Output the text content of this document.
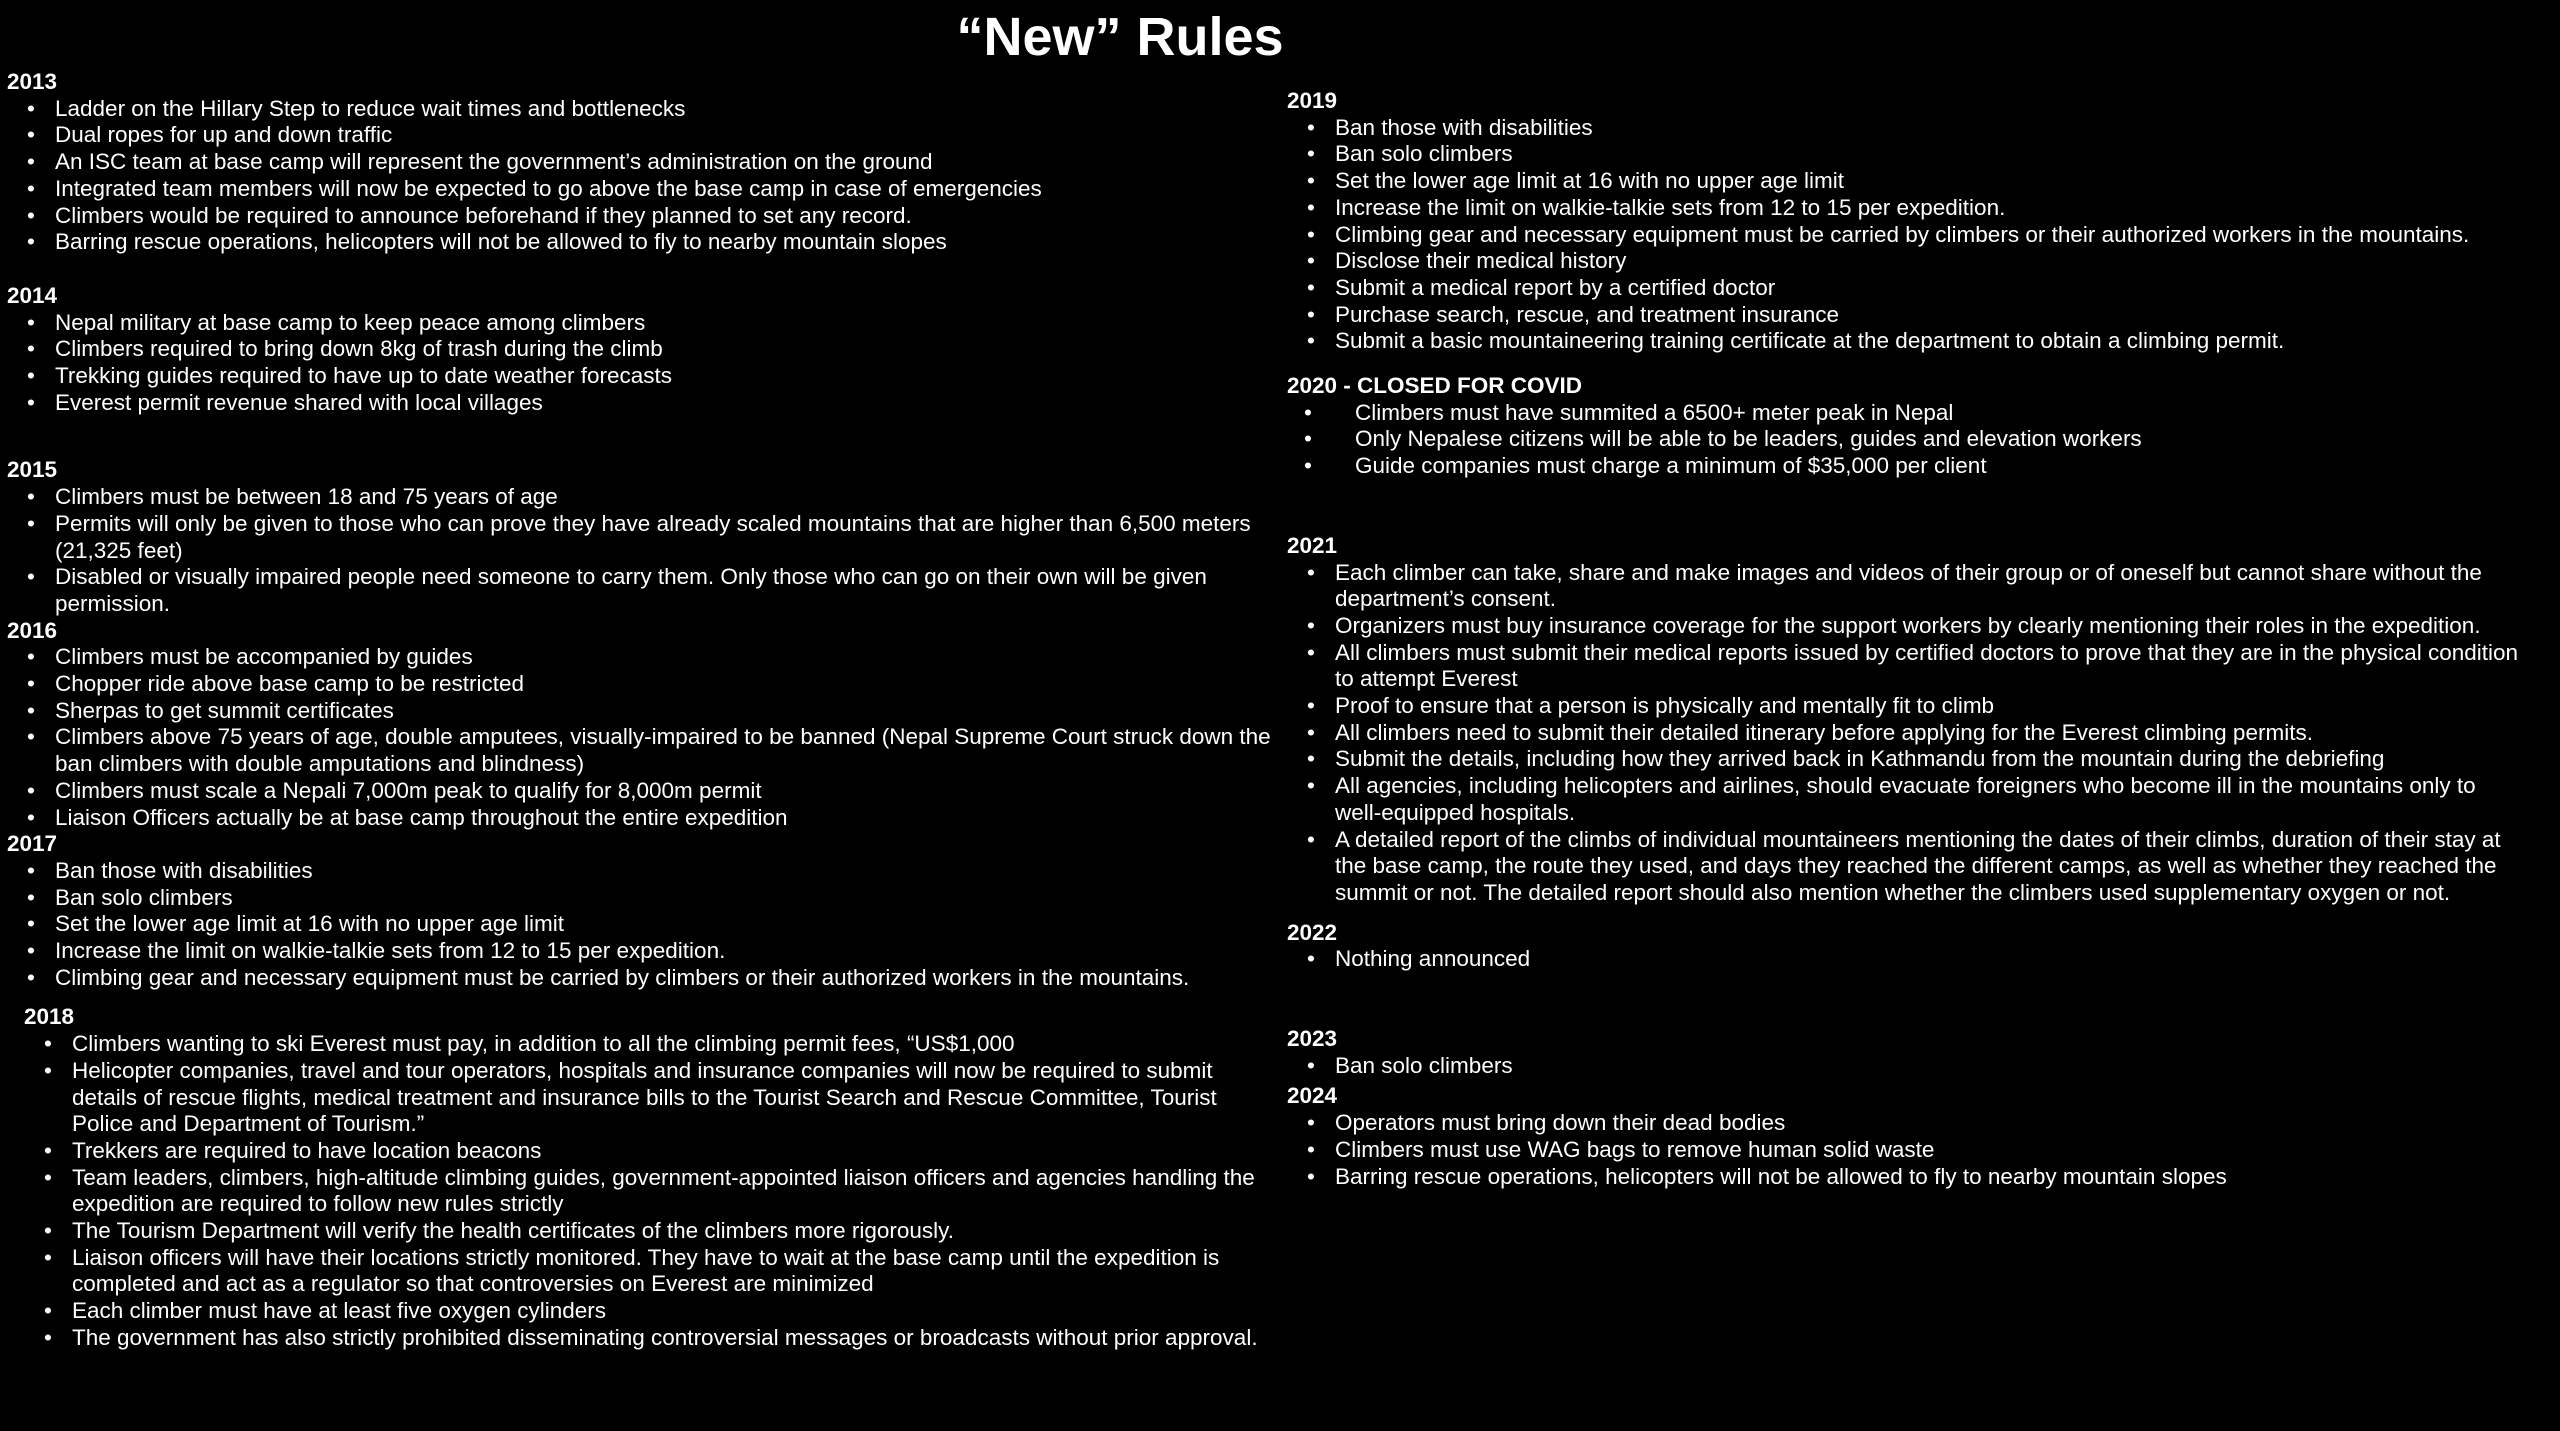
“New” Rules
2013
• Ladder on the Hillary Step to reduce wait times and bottlenecks
• Dual ropes for up and down traffic
• An ISC team at base camp will represent the government’s administration on the ground
• Integrated team members will now be expected to go above the base camp in case of emergencies
• Climbers would be required to announce beforehand if they planned to set any record.
• Barring rescue operations, helicopters will not be allowed to fly to nearby mountain slopes
2014
• Nepal military at base camp to keep peace among climbers
• Climbers required to bring down 8kg of trash during the climb
• Trekking guides required to have up to date weather forecasts
• Everest permit revenue shared with local villages
2015
• Climbers must be between 18 and 75 years of age
• Permits will only be given to those who can prove they have already scaled mountains that are higher than 6,500 meters (21,325 feet)
• Disabled or visually impaired people need someone to carry them. Only those who can go on their own will be given permission.
2016
• Climbers must be accompanied by guides
• Chopper ride above base camp to be restricted
• Sherpas to get summit certificates
• Climbers above 75 years of age, double amputees, visually-impaired to be banned (Nepal Supreme Court struck down the ban climbers with double amputations and blindness)
• Climbers must scale a Nepali 7,000m peak to qualify for 8,000m permit
• Liaison Officers actually be at base camp throughout the entire expedition
2017
• Ban those with disabilities
• Ban solo climbers
• Set the lower age limit at 16 with no upper age limit
• Increase the limit on walkie-talkie sets from 12 to 15 per expedition.
• Climbing gear and necessary equipment must be carried by climbers or their authorized workers in the mountains.
2018
• Climbers wanting to ski Everest must pay, in addition to all the climbing permit fees, “US$1,000
• Helicopter companies, travel and tour operators, hospitals and insurance companies will now be required to submit details of rescue flights, medical treatment and insurance bills to the Tourist Search and Rescue Committee, Tourist Police and Department of Tourism.”
• Trekkers are required to have location beacons
• Team leaders, climbers, high-altitude climbing guides, government-appointed liaison officers and agencies handling the expedition are required to follow new rules strictly
• The Tourism Department will verify the health certificates of the climbers more rigorously.
• Liaison officers will have their locations strictly monitored. They have to wait at the base camp until the expedition is completed and act as a regulator so that controversies on Everest are minimized
• Each climber must have at least five oxygen cylinders
• The government has also strictly prohibited disseminating controversial messages or broadcasts without prior approval.
2019
• Ban those with disabilities
• Ban solo climbers
• Set the lower age limit at 16 with no upper age limit
• Increase the limit on walkie-talkie sets from 12 to 15 per expedition.
• Climbing gear and necessary equipment must be carried by climbers or their authorized workers in the mountains.
• Disclose their medical history
• Submit a medical report by a certified doctor
• Purchase search, rescue, and treatment insurance
• Submit a basic mountaineering training certificate at the department to obtain a climbing permit.
2020 - CLOSED FOR COVID
• Climbers must have summited a 6500+ meter peak in Nepal
• Only Nepalese citizens will be able to be leaders, guides and elevation workers
• Guide companies must charge a minimum of $35,000 per client
2021
• Each climber can take, share and make images and videos of their group or of oneself but cannot share without the department’s consent.
• Organizers must buy insurance coverage for the support workers by clearly mentioning their roles in the expedition.
• All climbers must submit their medical reports issued by certified doctors to prove that they are in the physical condition to attempt Everest
• Proof to ensure that a person is physically and mentally fit to climb
• All climbers need to submit their detailed itinerary before applying for the Everest climbing permits.
• Submit the details, including how they arrived back in Kathmandu from the mountain during the debriefing
• All agencies, including helicopters and airlines, should evacuate foreigners who become ill in the mountains only to well-equipped hospitals.
• A detailed report of the climbs of individual mountaineers mentioning the dates of their climbs, duration of their stay at the base camp, the route they used, and days they reached the different camps, as well as whether they reached the summit or not. The detailed report should also mention whether the climbers used supplementary oxygen or not.
2022
• Nothing announced
2023
• Ban solo climbers
2024
• Operators must bring down their dead bodies
• Climbers must use WAG bags to remove human solid waste
• Barring rescue operations, helicopters will not be allowed to fly to nearby mountain slopes
